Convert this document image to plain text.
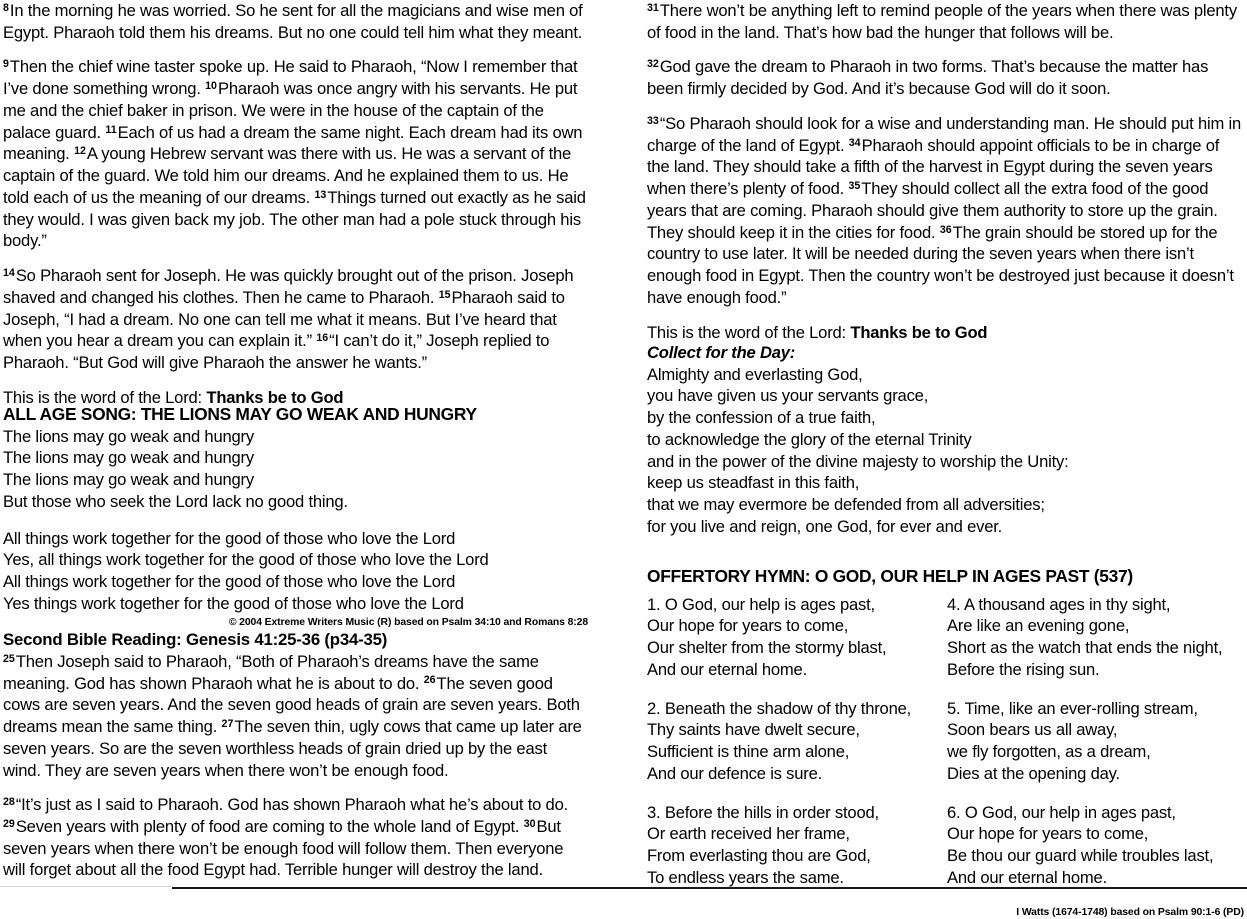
$^8$In the morning he was worried. So he sent for all the magicians and wise men of Egypt. Pharaoh told them his dreams. But no one could tell him what they meant.

$^9$Then the chief wine taster spoke up. He said to Pharaoh, “Now I remember that I’ve done something wrong. $^{10}$Pharaoh was once angry with his servants. He put me and the chief baker in prison. We were in the house of the captain of the palace guard. $^{11}$Each of us had a dream the same night. Each dream had its own meaning. $^{12}$A young Hebrew servant was there with us. He was a servant of the captain of the guard. We told him our dreams. And he explained them to us. He told each of us the meaning of our dreams. $^{13}$Things turned out exactly as he said they would. I was given back my job. The other man had a pole stuck through his body.”

$^{14}$So Pharaoh sent for Joseph. He was quickly brought out of the prison. Joseph shaved and changed his clothes. Then he came to Pharaoh. $^{15}$Pharaoh said to Joseph, “I had a dream. No one can tell me what it means. But I’ve heard that when you hear a dream you can explain it.” $^{16}$“I can’t do it,” Joseph replied to Pharaoh. “But God will give Pharaoh the answer he wants.”

This is the word of the Lord: Thanks be to God

ALL AGE SONG: THE LIONS MAY GO WEAK AND HUNGRY
The lions may go weak and hungry
The lions may go weak and hungry
The lions may go weak and hungry
But those who seek the Lord lack no good thing.
All things work together for the good of those who love the Lord
Yes, all things work together for the good of those who love the Lord
All things work together for the good of those who love the Lord
Yes things work together for the good of those who love the Lord
© 2004 Extreme Writers Music (R) based on Psalm 34:10 and Romans 8:28
Second Bible Reading: Genesis 41:25-36 (p34-35)

$^{25}$Then Joseph said to Pharaoh, “Both of Pharaoh’s dreams have the same meaning. God has shown Pharaoh what he is about to do. $^{26}$The seven good cows are seven years. And the seven good heads of grain are seven years. Both dreams mean the same thing. $^{27}$The seven thin, ugly cows that came up later are seven years. So are the seven worthless heads of grain dried up by the east wind. They are seven years when there won’t be enough food.

$^{28}$“It’s just as I said to Pharaoh. God has shown Pharaoh what he’s about to do. $^{29}$Seven years with plenty of food are coming to the whole land of Egypt. $^{30}$But seven years when there won’t be enough food will follow them. Then everyone will forget about all the food Egypt had. Terrible hunger will destroy the land.

$^{31}$There won’t be anything left to remind people of the years when there was plenty of food in the land. That’s how bad the hunger that follows will be.

$^{32}$God gave the dream to Pharaoh in two forms. That’s because the matter has been firmly decided by God. And it’s because God will do it soon.

$^{33}$“So Pharaoh should look for a wise and understanding man. He should put him in charge of the land of Egypt. $^{34}$Pharaoh should appoint officials to be in charge of the land. They should take a fifth of the harvest in Egypt during the seven years when there’s plenty of food. $^{35}$They should collect all the extra food of the good years that are coming. Pharaoh should give them authority to store up the grain. They should keep it in the cities for food. $^{36}$The grain should be stored up for the country to use later. It will be needed during the seven years when there isn’t enough food in Egypt. Then the country won’t be destroyed just because it doesn’t have enough food.”

This is the word of the Lord: Thanks be to God

Collect for the Day:
Almighty and everlasting God,
you have given us your servants grace,
by the confession of a true faith,
to acknowledge the glory of the eternal Trinity
and in the power of the divine majesty to worship the Unity:
keep us steadfast in this faith,
that we may evermore be defended from all adversities;
for you live and reign, one God, for ever and ever.
OFFERTORY HYMN: O GOD, OUR HELP IN AGES PAST (537)

1. O God, our help is ages past,
Our hope for years to come,
Our shelter from the stormy blast,
And our eternal home.

2. Beneath the shadow of thy throne,
Thy saints have dwelt secure,
Sufficient is thine arm alone,
And our defence is sure.

3. Before the hills in order stood,
Or earth received her frame,
From everlasting thou are God,
To endless years the same.

4. A thousand ages in thy sight,
Are like an evening gone,
Short as the watch that ends the night,
Before the rising sun.

5. Time, like an ever-rolling stream,
Soon bears us all away,
we fly forgotten, as a dream,
Dies at the opening day.

6. O God, our help in ages past,
Our hope for years to come,
Be thou our guard while troubles last,
And our eternal home.

I Watts (1674-1748) based on Psalm 90:1-6 (PD)
